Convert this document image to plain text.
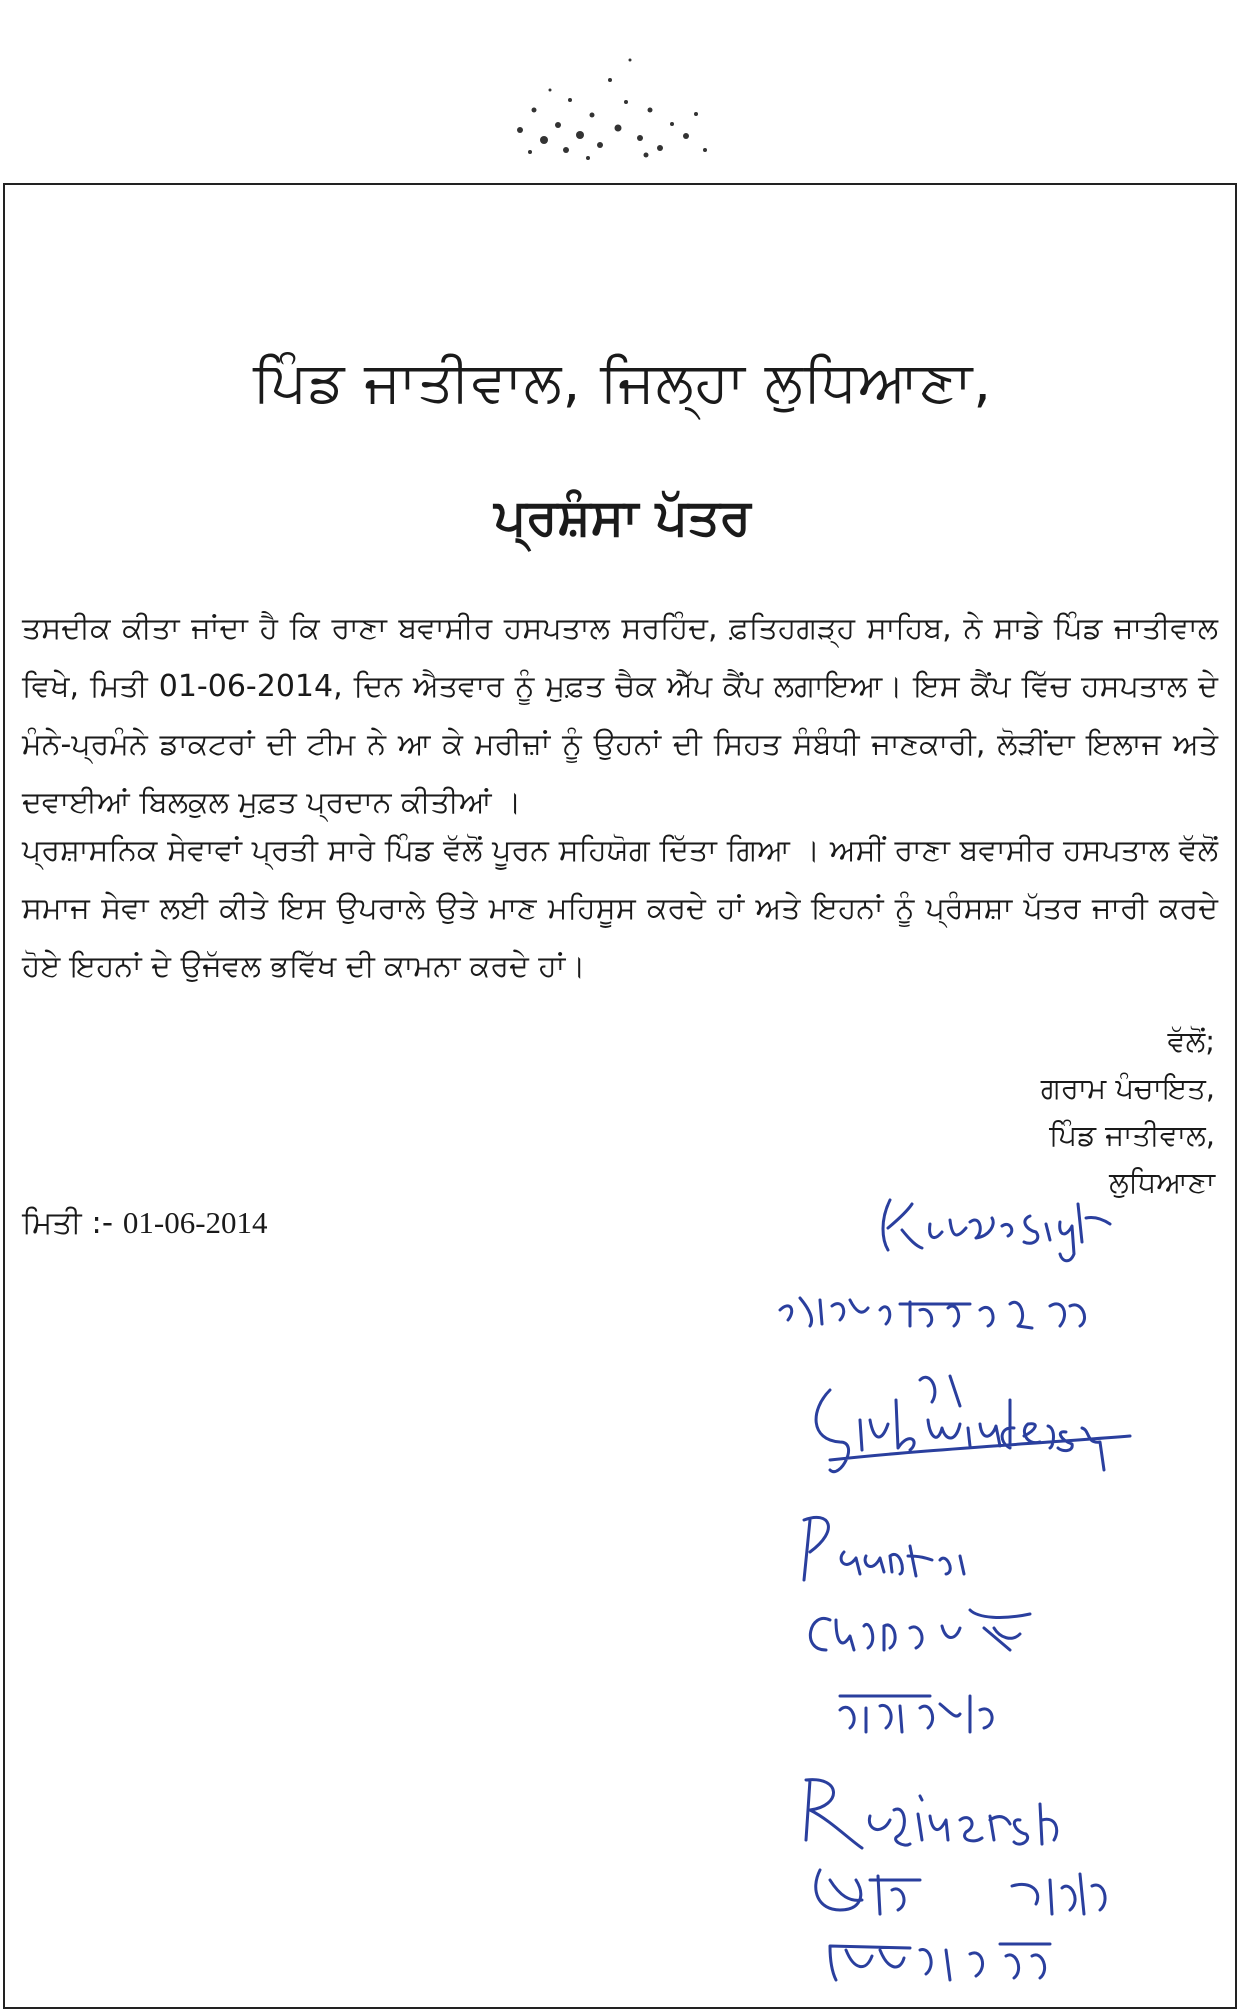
ਪਿੰਡ ਜਾਤੀਵਾਲ, ਜਿਲ੍ਹਾ ਲੁਧਿਆਣਾ,
ਪ੍ਰਸ਼ੰਸਾ ਪੱਤਰ

ਤਸਦੀਕ ਕੀਤਾ ਜਾਂਦਾ ਹੈ ਕਿ ਰਾਣਾ ਬਵਾਸੀਰ ਹਸਪਤਾਲ ਸਰਹਿੰਦ, ਫ਼ਤਿਹਗੜ੍ਹ ਸਾਹਿਬ, ਨੇ ਸਾਡੇ ਪਿੰਡ ਜਾਤੀਵਾਲ ਵਿਖੇ, ਮਿਤੀ 01-06-2014, ਦਿਨ ਐਤਵਾਰ ਨੂੰ ਮੁਫ਼ਤ ਚੈਕ ਐੱਪ ਕੈਂਪ ਲਗਾਇਆ। ਇਸ ਕੈਂਪ ਵਿੱਚ ਹਸਪਤਾਲ ਦੇ ਮੰਨੇ-ਪ੍ਰਮੰਨੇ ਡਾਕਟਰਾਂ ਦੀ ਟੀਮ ਨੇ ਆ ਕੇ ਮਰੀਜ਼ਾਂ ਨੂੰ ਉਹਨਾਂ ਦੀ ਸਿਹਤ ਸੰਬੰਧੀ ਜਾਣਕਾਰੀ, ਲੋੜੀਂਦਾ ਇਲਾਜ ਅਤੇ ਦਵਾਈਆਂ ਬਿਲਕੁਲ ਮੁਫ਼ਤ ਪ੍ਰਦਾਨ ਕੀਤੀਆਂ ।

ਪ੍ਰਸ਼ਾਸਨਿਕ ਸੇਵਾਵਾਂ ਪ੍ਰਤੀ ਸਾਰੇ ਪਿੰਡ ਵੱਲੋਂ ਪੂਰਨ ਸਹਿਯੋਗ ਦਿੱਤਾ ਗਿਆ । ਅਸੀਂ ਰਾਣਾ ਬਵਾਸੀਰ ਹਸਪਤਾਲ ਵੱਲੋਂ ਸਮਾਜ ਸੇਵਾ ਲਈ ਕੀਤੇ ਇਸ ਉਪਰਾਲੇ ਉਤੇ ਮਾਣ ਮਹਿਸੂਸ ਕਰਦੇ ਹਾਂ ਅਤੇ ਇਹਨਾਂ ਨੂੰ ਪ੍ਰੰਸਸ਼ਾ ਪੱਤਰ ਜਾਰੀ ਕਰਦੇ ਹੋਏ ਇਹਨਾਂ ਦੇ ਉਜੱਵਲ ਭਵਿੱਖ ਦੀ ਕਾਮਨਾ ਕਰਦੇ ਹਾਂ।

ਵੱਲੋਂ;
ਗਰਾਮ ਪੰਚਾਇਤ,
ਪਿੰਡ ਜਾਤੀਵਾਲ,
ਲੁਧਿਆਣਾ
ਮਿਤੀ :- 01-06-2014
